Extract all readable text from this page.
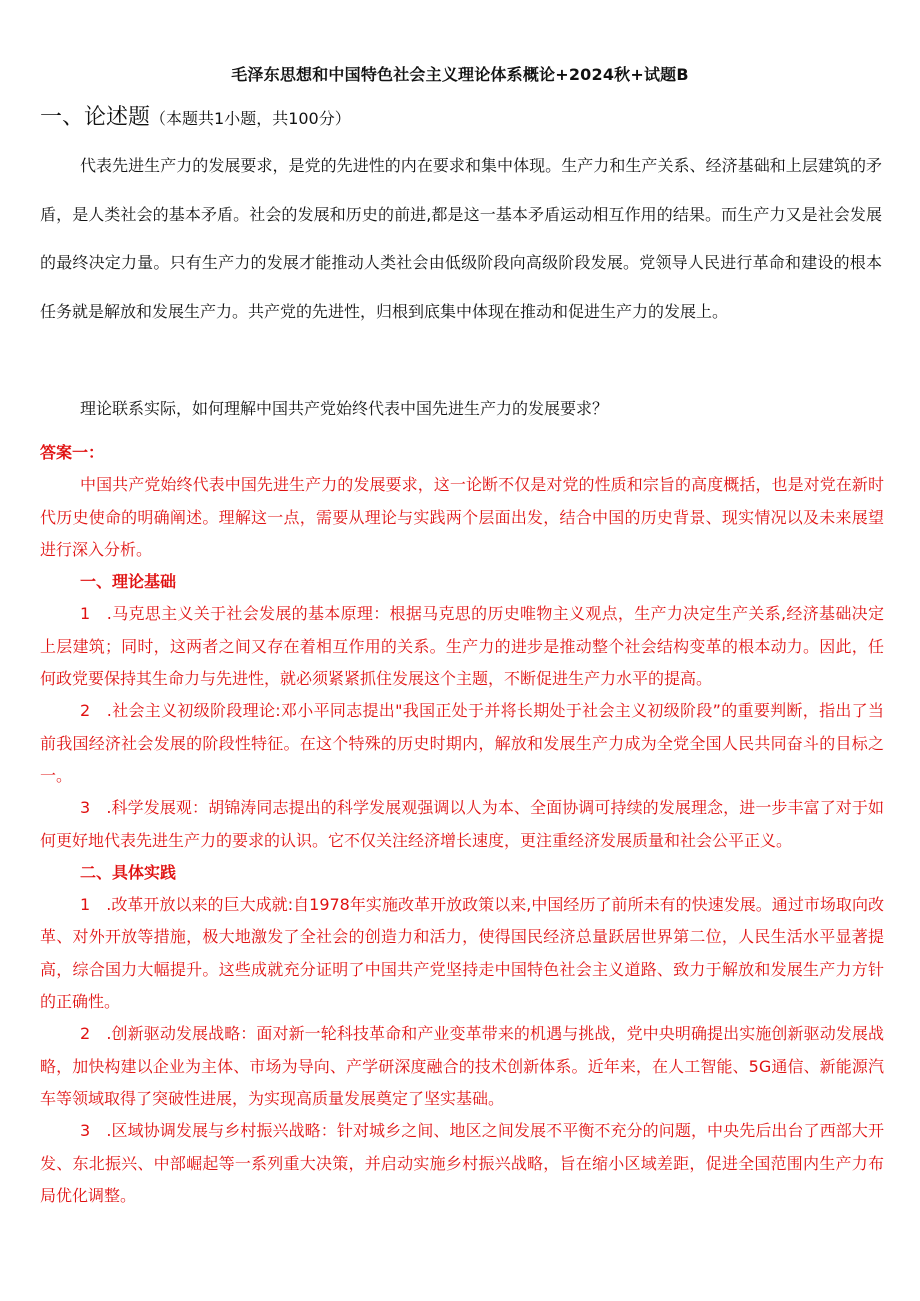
毛泽东思想和中国特色社会主义理论体系概论+2024秋+试题B
一、论述题（本题共1小题，共100分）

代表先进生产力的发展要求，是党的先进性的内在要求和集中体现。生产力和生产关系、经济基础和上层建筑的矛盾，是人类社会的基本矛盾。社会的发展和历史的前进,都是这一基本矛盾运动相互作用的结果。而生产力又是社会发展的最终决定力量。只有生产力的发展才能推动人类社会由低级阶段向高级阶段发展。党领导人民进行革命和建设的根本任务就是解放和发展生产力。共产党的先进性，归根到底集中体现在推动和促进生产力的发展上。

理论联系实际，如何理解中国共产党始终代表中国先进生产力的发展要求？

答案一：

中国共产党始终代表中国先进生产力的发展要求，这一论断不仅是对党的性质和宗旨的高度概括，也是对党在新时代历史使命的明确阐述。理解这一点，需要从理论与实践两个层面出发，结合中国的历史背景、现实情况以及未来展望进行深入分析。

一、理论基础

1　.马克思主义关于社会发展的基本原理：根据马克思的历史唯物主义观点，生产力决定生产关系,经济基础决定上层建筑；同时，这两者之间又存在着相互作用的关系。生产力的进步是推动整个社会结构变革的根本动力。因此，任何政党要保持其生命力与先进性，就必须紧紧抓住发展这个主题，不断促进生产力水平的提高。

2　.社会主义初级阶段理论:邓小平同志提出"我国正处于并将长期处于社会主义初级阶段”的重要判断，指出了当前我国经济社会发展的阶段性特征。在这个特殊的历史时期内，解放和发展生产力成为全党全国人民共同奋斗的目标之一。

3　.科学发展观：胡锦涛同志提出的科学发展观强调以人为本、全面协调可持续的发展理念，进一步丰富了对于如何更好地代表先进生产力的要求的认识。它不仅关注经济增长速度，更注重经济发展质量和社会公平正义。

二、具体实践

1　.改革开放以来的巨大成就:自1978年实施改革开放政策以来,中国经历了前所未有的快速发展。通过市场取向改革、对外开放等措施，极大地激发了全社会的创造力和活力，使得国民经济总量跃居世界第二位，人民生活水平显著提高，综合国力大幅提升。这些成就充分证明了中国共产党坚持走中国特色社会主义道路、致力于解放和发展生产力方针的正确性。

2　.创新驱动发展战略：面对新一轮科技革命和产业变革带来的机遇与挑战，党中央明确提出实施创新驱动发展战略，加快构建以企业为主体、市场为导向、产学研深度融合的技术创新体系。近年来，在人工智能、5G通信、新能源汽车等领域取得了突破性进展，为实现高质量发展奠定了坚实基础。

3　.区域协调发展与乡村振兴战略：针对城乡之间、地区之间发展不平衡不充分的问题，中央先后出台了西部大开发、东北振兴、中部崛起等一系列重大决策，并启动实施乡村振兴战略，旨在缩小区域差距，促进全国范围内生产力布局优化调整。
